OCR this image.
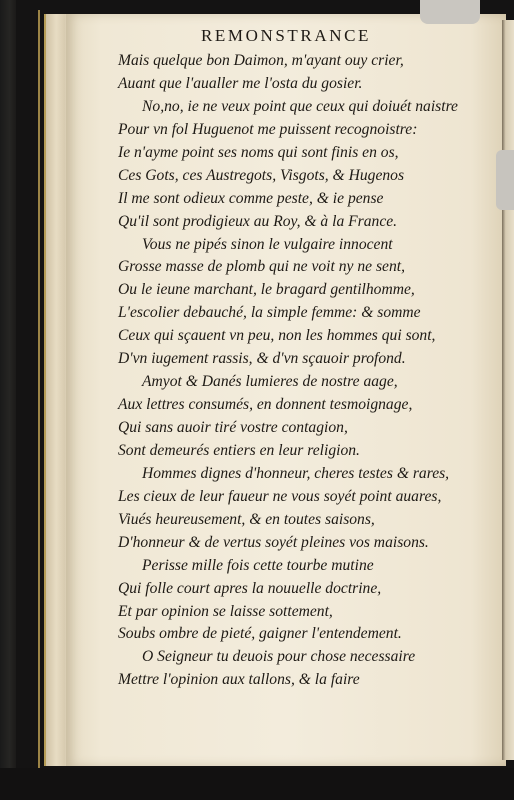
REMONSTRANCE
Mais quelque bon Daimon, m'ayant ouy crier,
Auant que l'aualler me l'osta du gosier.
No,no, ie ne veux point que ceux qui doiuét naistre
Pour vn fol Huguenot me puissent recognoistre:
Ie n'ayme point ses noms qui sont finis en os,
Ces Gots, ces Austregots, Visgots, & Hugenos
Il me sont odieux comme peste, & ie pense
Qu'il sont prodigieux au Roy, & à la France.
Vous ne pipés sinon le vulgaire innocent
Grosse masse de plomb qui ne voit ny ne sent,
Ou le ieune marchant, le bragard gentilhomme,
L'escolier debauché, la simple femme: & somme
Ceux qui sçauent vn peu, non les hommes qui sont,
D'vn iugement rassis, & d'vn sçauoir profond.
Amyot & Danés lumieres de nostre aage,
Aux lettres consumés, en donnent tesmoignage,
Qui sans auoir tiré vostre contagion,
Sont demeurés entiers en leur religion.
Hommes dignes d'honneur, cheres testes & rares,
Les cieux de leur faueur ne vous soyét point auares,
Viués heureusement, & en toutes saisons,
D'honneur & de vertus soyét pleines vos maisons.
Perisse mille fois cette tourbe mutine
Qui folle court apres la nouuelle doctrine,
Et par opinion se laisse sottement,
Soubs ombre de pieté, gaigner l'entendement.
O Seigneur tu deuois pour chose necessaire
Mettre l'opinion aux tallons, & la faire
